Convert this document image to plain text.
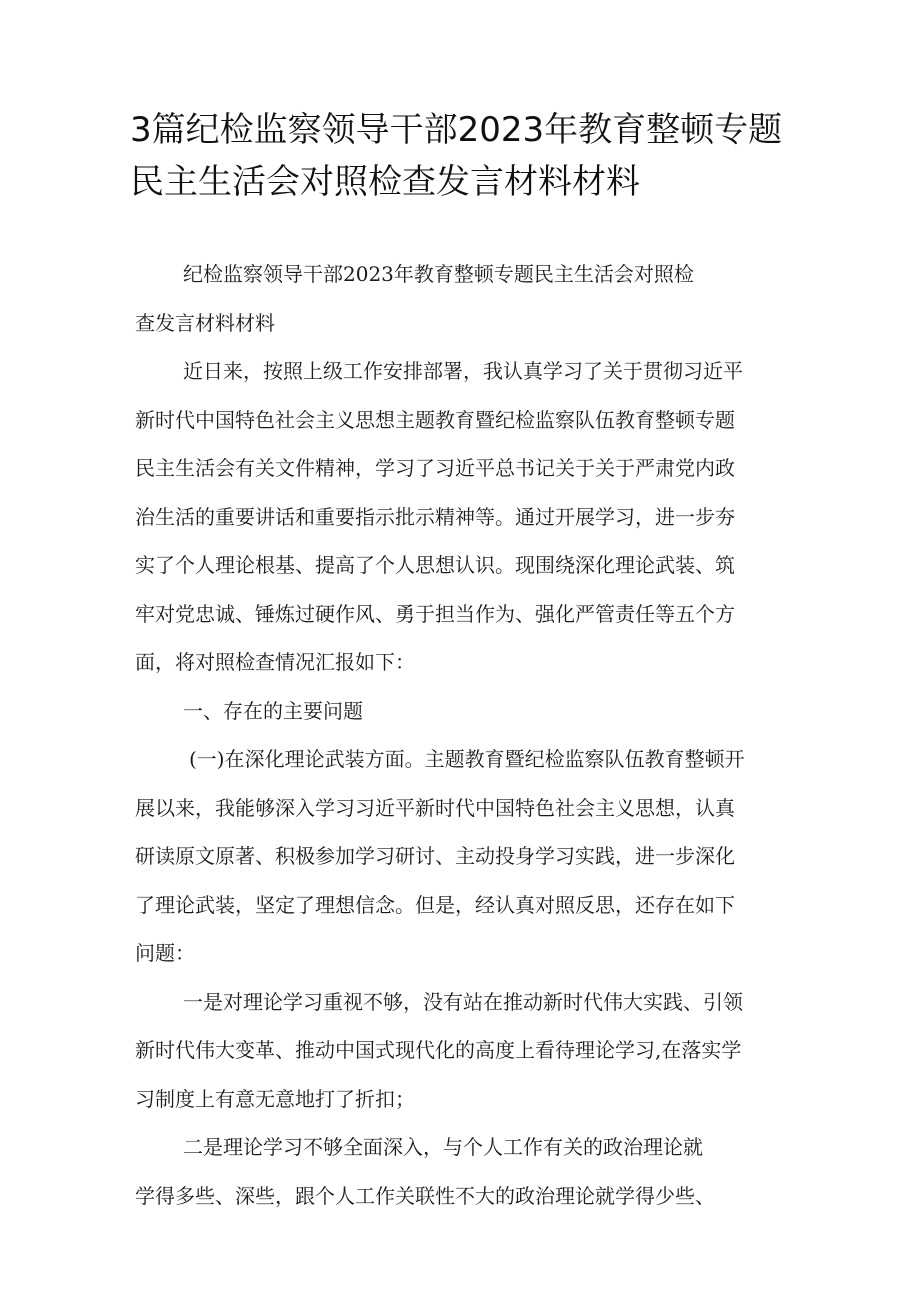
3篇纪检监察领导干部2023年教育整顿专题
民主生活会对照检查发言材料材料

纪检监察领导干部2023年教育整顿专题民主生活会对照检
查发言材料材料

近日来，按照上级工作安排部署，我认真学习了关于贯彻习近平
新时代中国特色社会主义思想主题教育暨纪检监察队伍教育整顿专题
民主生活会有关文件精神，学习了习近平总书记关于关于严肃党内政
治生活的重要讲话和重要指示批示精神等。通过开展学习，进一步夯
实了个人理论根基、提高了个人思想认识。现围绕深化理论武装、筑
牢对党忠诚、锤炼过硬作风、勇于担当作为、强化严管责任等五个方
面，将对照检查情况汇报如下：

一、存在的主要问题

(一)在深化理论武装方面。主题教育暨纪检监察队伍教育整顿开
展以来，我能够深入学习习近平新时代中国特色社会主义思想，认真
研读原文原著、积极参加学习研讨、主动投身学习实践，进一步深化
了理论武装，坚定了理想信念。但是，经认真对照反思，还存在如下
问题：

一是对理论学习重视不够，没有站在推动新时代伟大实践、引领
新时代伟大变革、推动中国式现代化的高度上看待理论学习,在落实学
习制度上有意无意地打了折扣；

二是理论学习不够全面深入，与个人工作有关的政治理论就
学得多些、深些，跟个人工作关联性不大的政治理论就学得少些、
